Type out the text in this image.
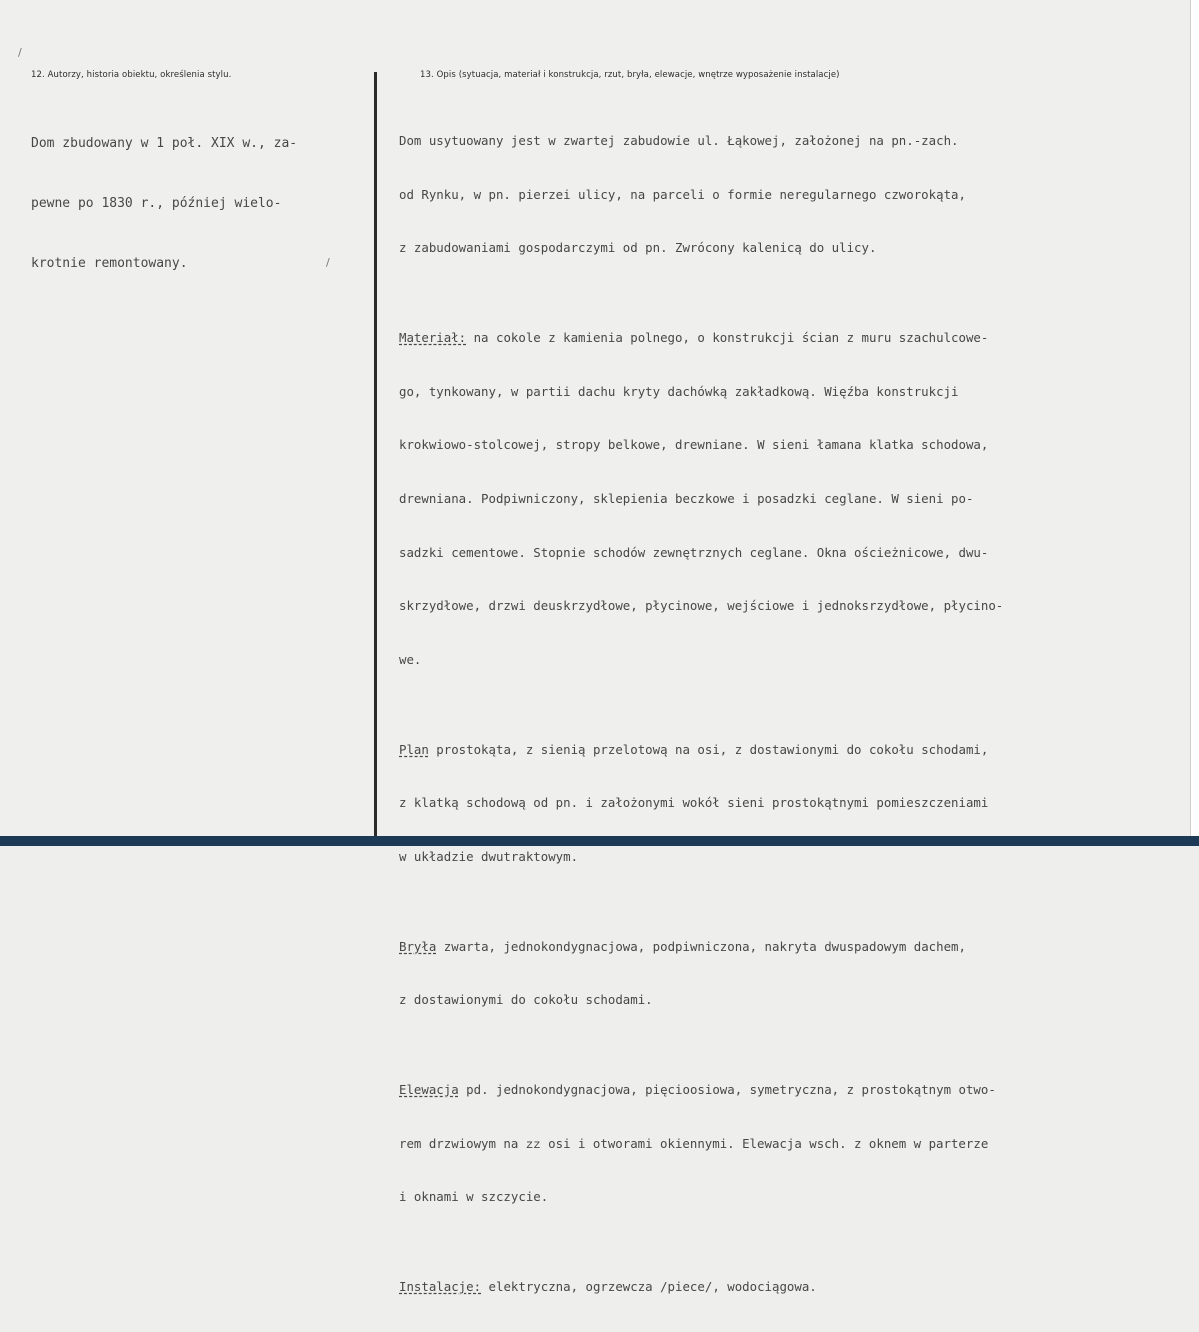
/
/
12. Autorzy, historia obiektu, określenia stylu.	13. Opis (sytuacja, materiał i konstrukcja, rzut, bryła, elewacje, wnętrze wyposażenie instalacje)

Dom zbudowany w 1 poł. XIX w., za-

pewne po 1830 r., później wielo-

krotnie remontowany.

Dom usytuowany jest w zwartej zabudowie ul. Łąkowej, założonej na pn.-zach.

od Rynku, w pn. pierzei ulicy, na parceli o formie neregularnego czworokąta,

z zabudowaniami gospodarczymi od pn. Zwrócony kalenicą do ulicy.

Materiał: na cokole z kamienia polnego, o konstrukcji ścian z muru szachulcowe-

go, tynkowany, w partii dachu kryty dachówką zakładkową. Więźba konstrukcji

krokwiowo-stolcowej, stropy belkowe, drewniane. W sieni łamana klatka schodowa,

drewniana. Podpiwniczony, sklepienia beczkowe i posadzki ceglane. W sieni po-

sadzki cementowe. Stopnie schodów zewnętrznych ceglane. Okna ościeżnicowe, dwu-

skrzydłowe, drzwi deuskrzydłowe, płycinowe, wejściowe i jednoksrzydłowe, płycino-

we.

Plan prostokąta, z sienią przelotową na osi, z dostawionymi do cokołu schodami,

z klatką schodową od pn. i założonymi wokół sieni prostokątnymi pomieszczeniami

w układzie dwutraktowym.

Bryła zwarta, jednokondygnacjowa, podpiwniczona, nakryta dwuspadowym dachem,

z dostawionymi do cokołu schodami.

Elewacja pd. jednokondygnacjowa, pięcioosiowa, symetryczna, z prostokątnym otwo-

rem drzwiowym na ᴢᴢ osi i otworami okiennymi. Elewacja wsch. z oknem w parterze

i oknami w szczycie.

Instalacje: elektryczna, ogrzewcza /piece/, wodociągowa.
